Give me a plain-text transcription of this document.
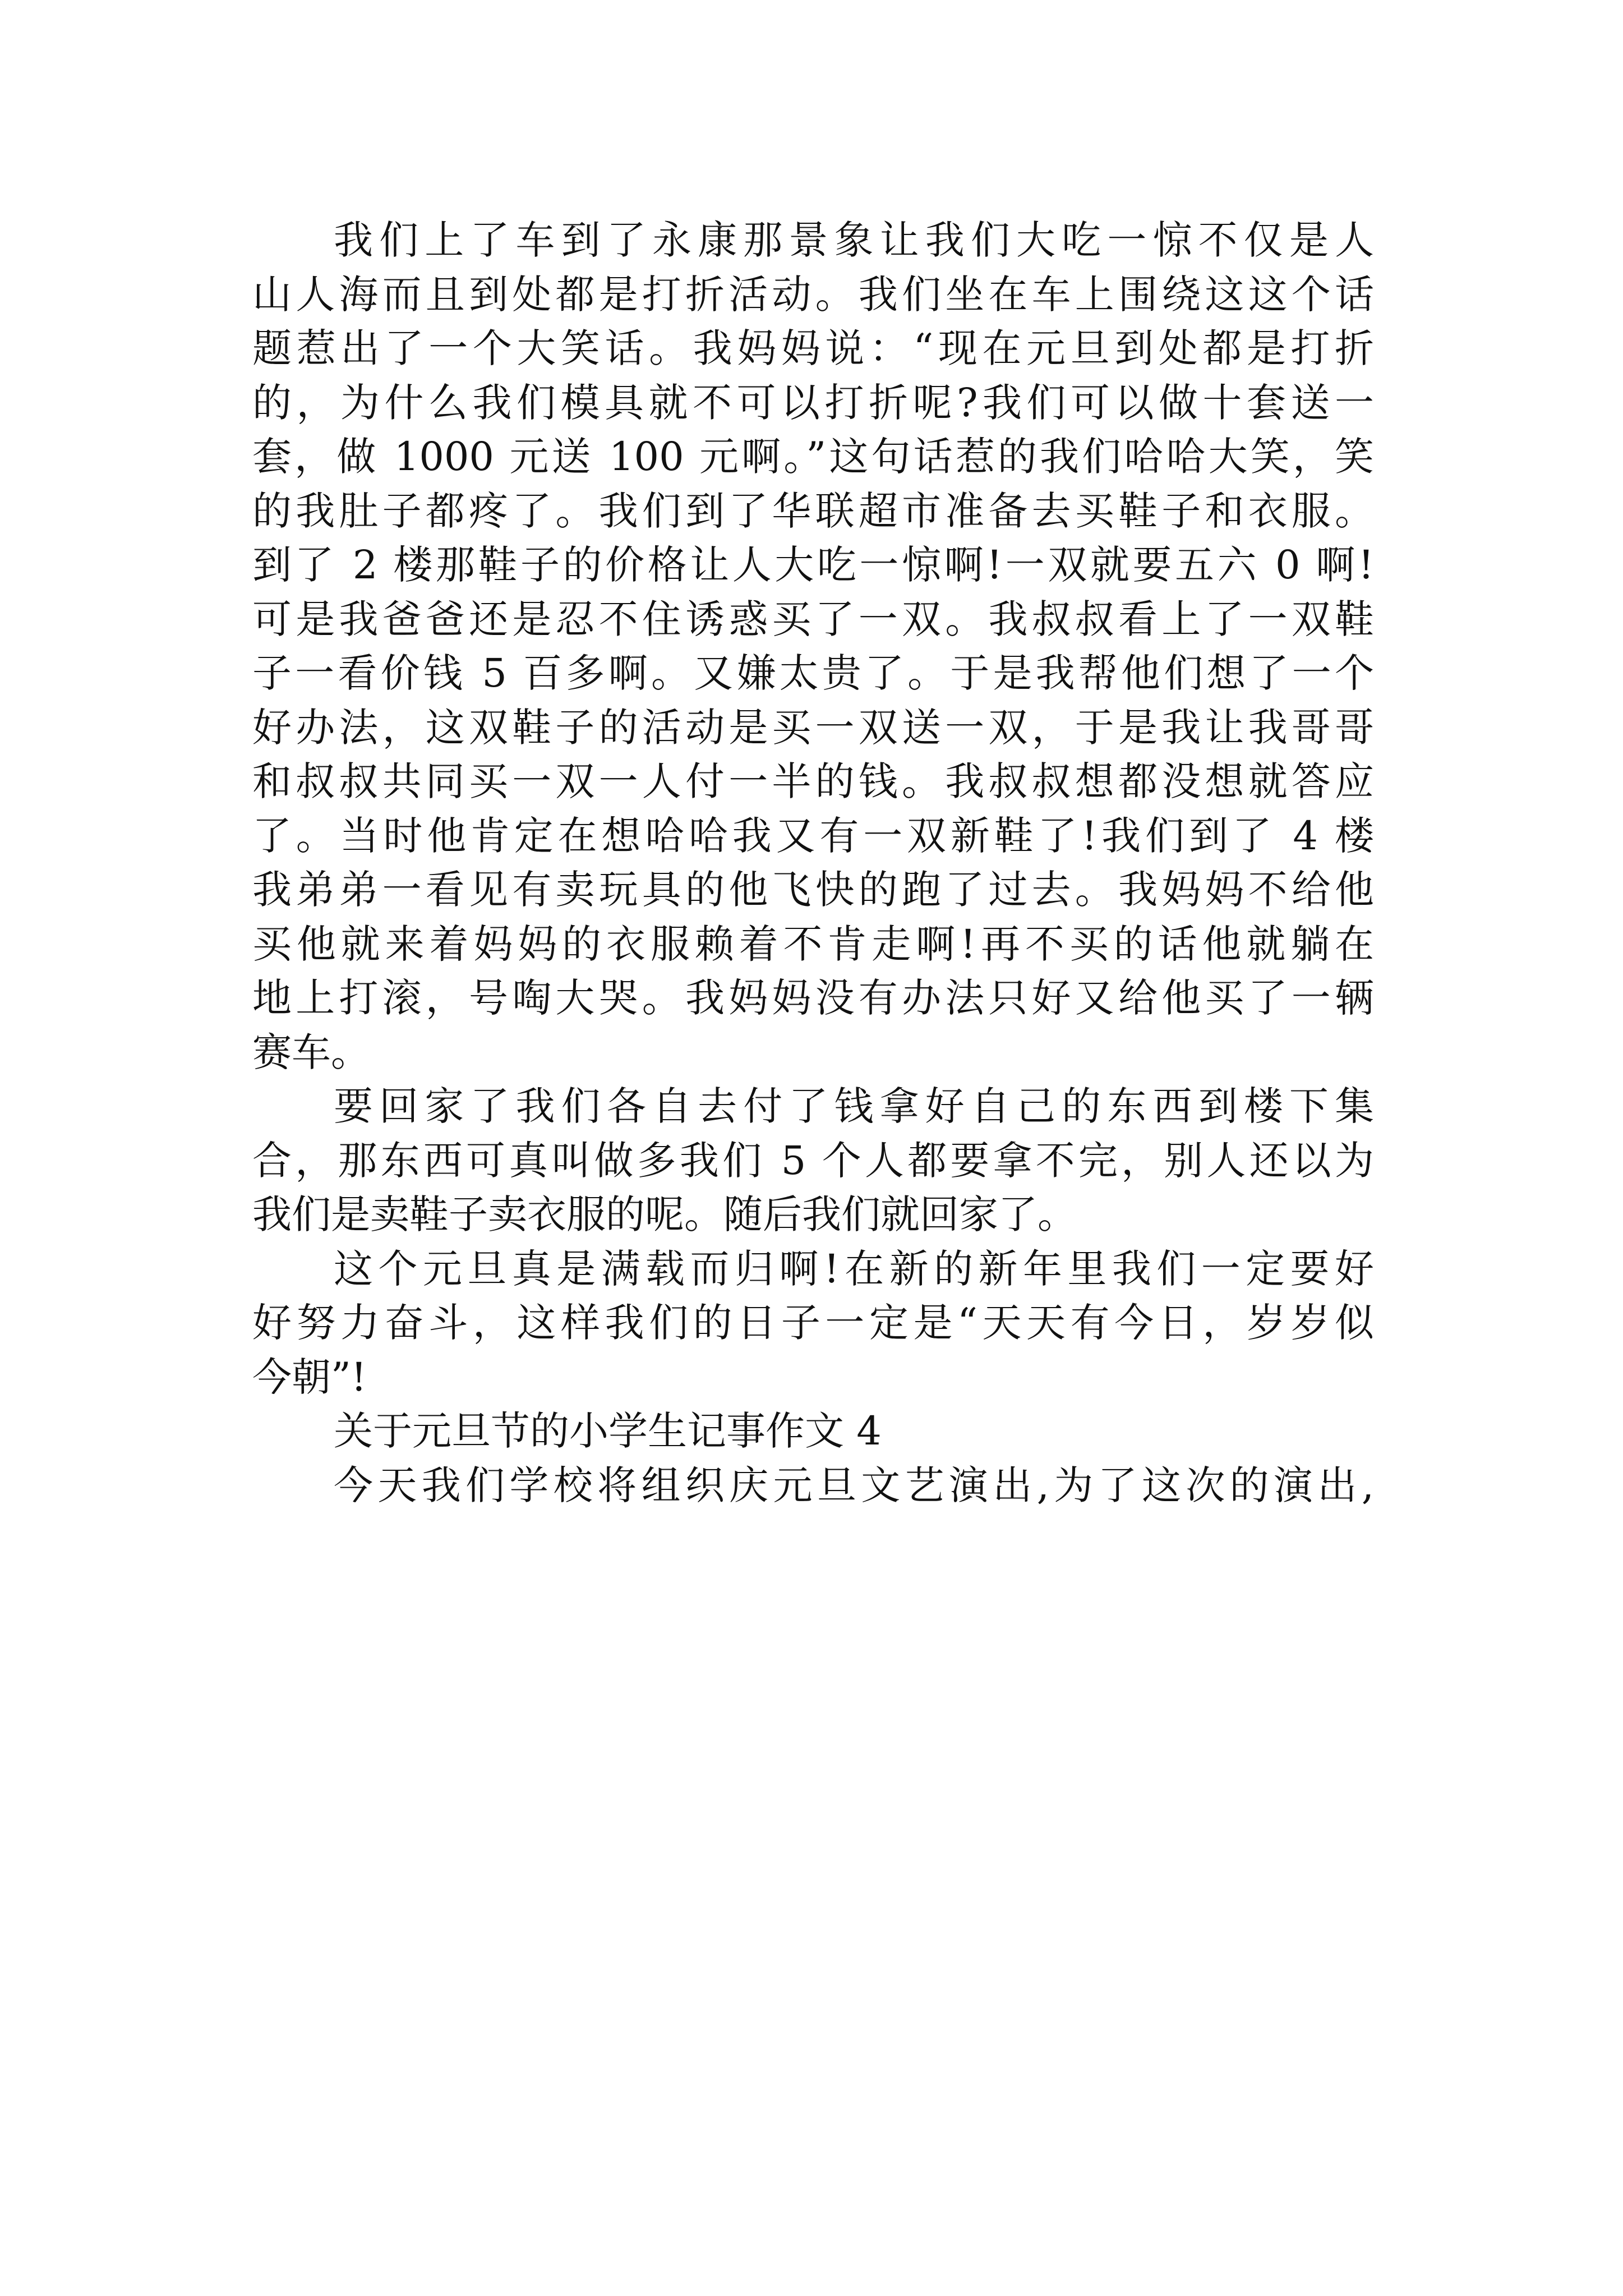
我们上了车到了永康那景象让我们大吃一惊不仅是人
山人海而且到处都是打折活动。我们坐在车上围绕这这个话
题惹出了一个大笑话。我妈妈说：“现在元旦到处都是打折
的，为什么我们模具就不可以打折呢?我们可以做十套送一
套，做 1000 元送 100 元啊。”这句话惹的我们哈哈大笑，笑
的我肚子都疼了。我们到了华联超市准备去买鞋子和衣服。
到了 2 楼那鞋子的价格让人大吃一惊啊!一双就要五六 0 啊!
可是我爸爸还是忍不住诱惑买了一双。我叔叔看上了一双鞋
子一看价钱 5 百多啊。又嫌太贵了。于是我帮他们想了一个
好办法，这双鞋子的活动是买一双送一双，于是我让我哥哥
和叔叔共同买一双一人付一半的钱。我叔叔想都没想就答应
了。当时他肯定在想哈哈我又有一双新鞋了!我们到了 4 楼
我弟弟一看见有卖玩具的他飞快的跑了过去。我妈妈不给他
买他就来着妈妈的衣服赖着不肯走啊!再不买的话他就躺在
地上打滚，号啕大哭。我妈妈没有办法只好又给他买了一辆
赛车。
要回家了我们各自去付了钱拿好自己的东西到楼下集
合，那东西可真叫做多我们 5 个人都要拿不完，别人还以为
我们是卖鞋子卖衣服的呢。随后我们就回家了。
这个元旦真是满载而归啊!在新的新年里我们一定要好
好努力奋斗，这样我们的日子一定是“天天有今日，岁岁似
今朝”!
关于元旦节的小学生记事作文 4
今天我们学校将组织庆元旦文艺演出,为了这次的演出,
